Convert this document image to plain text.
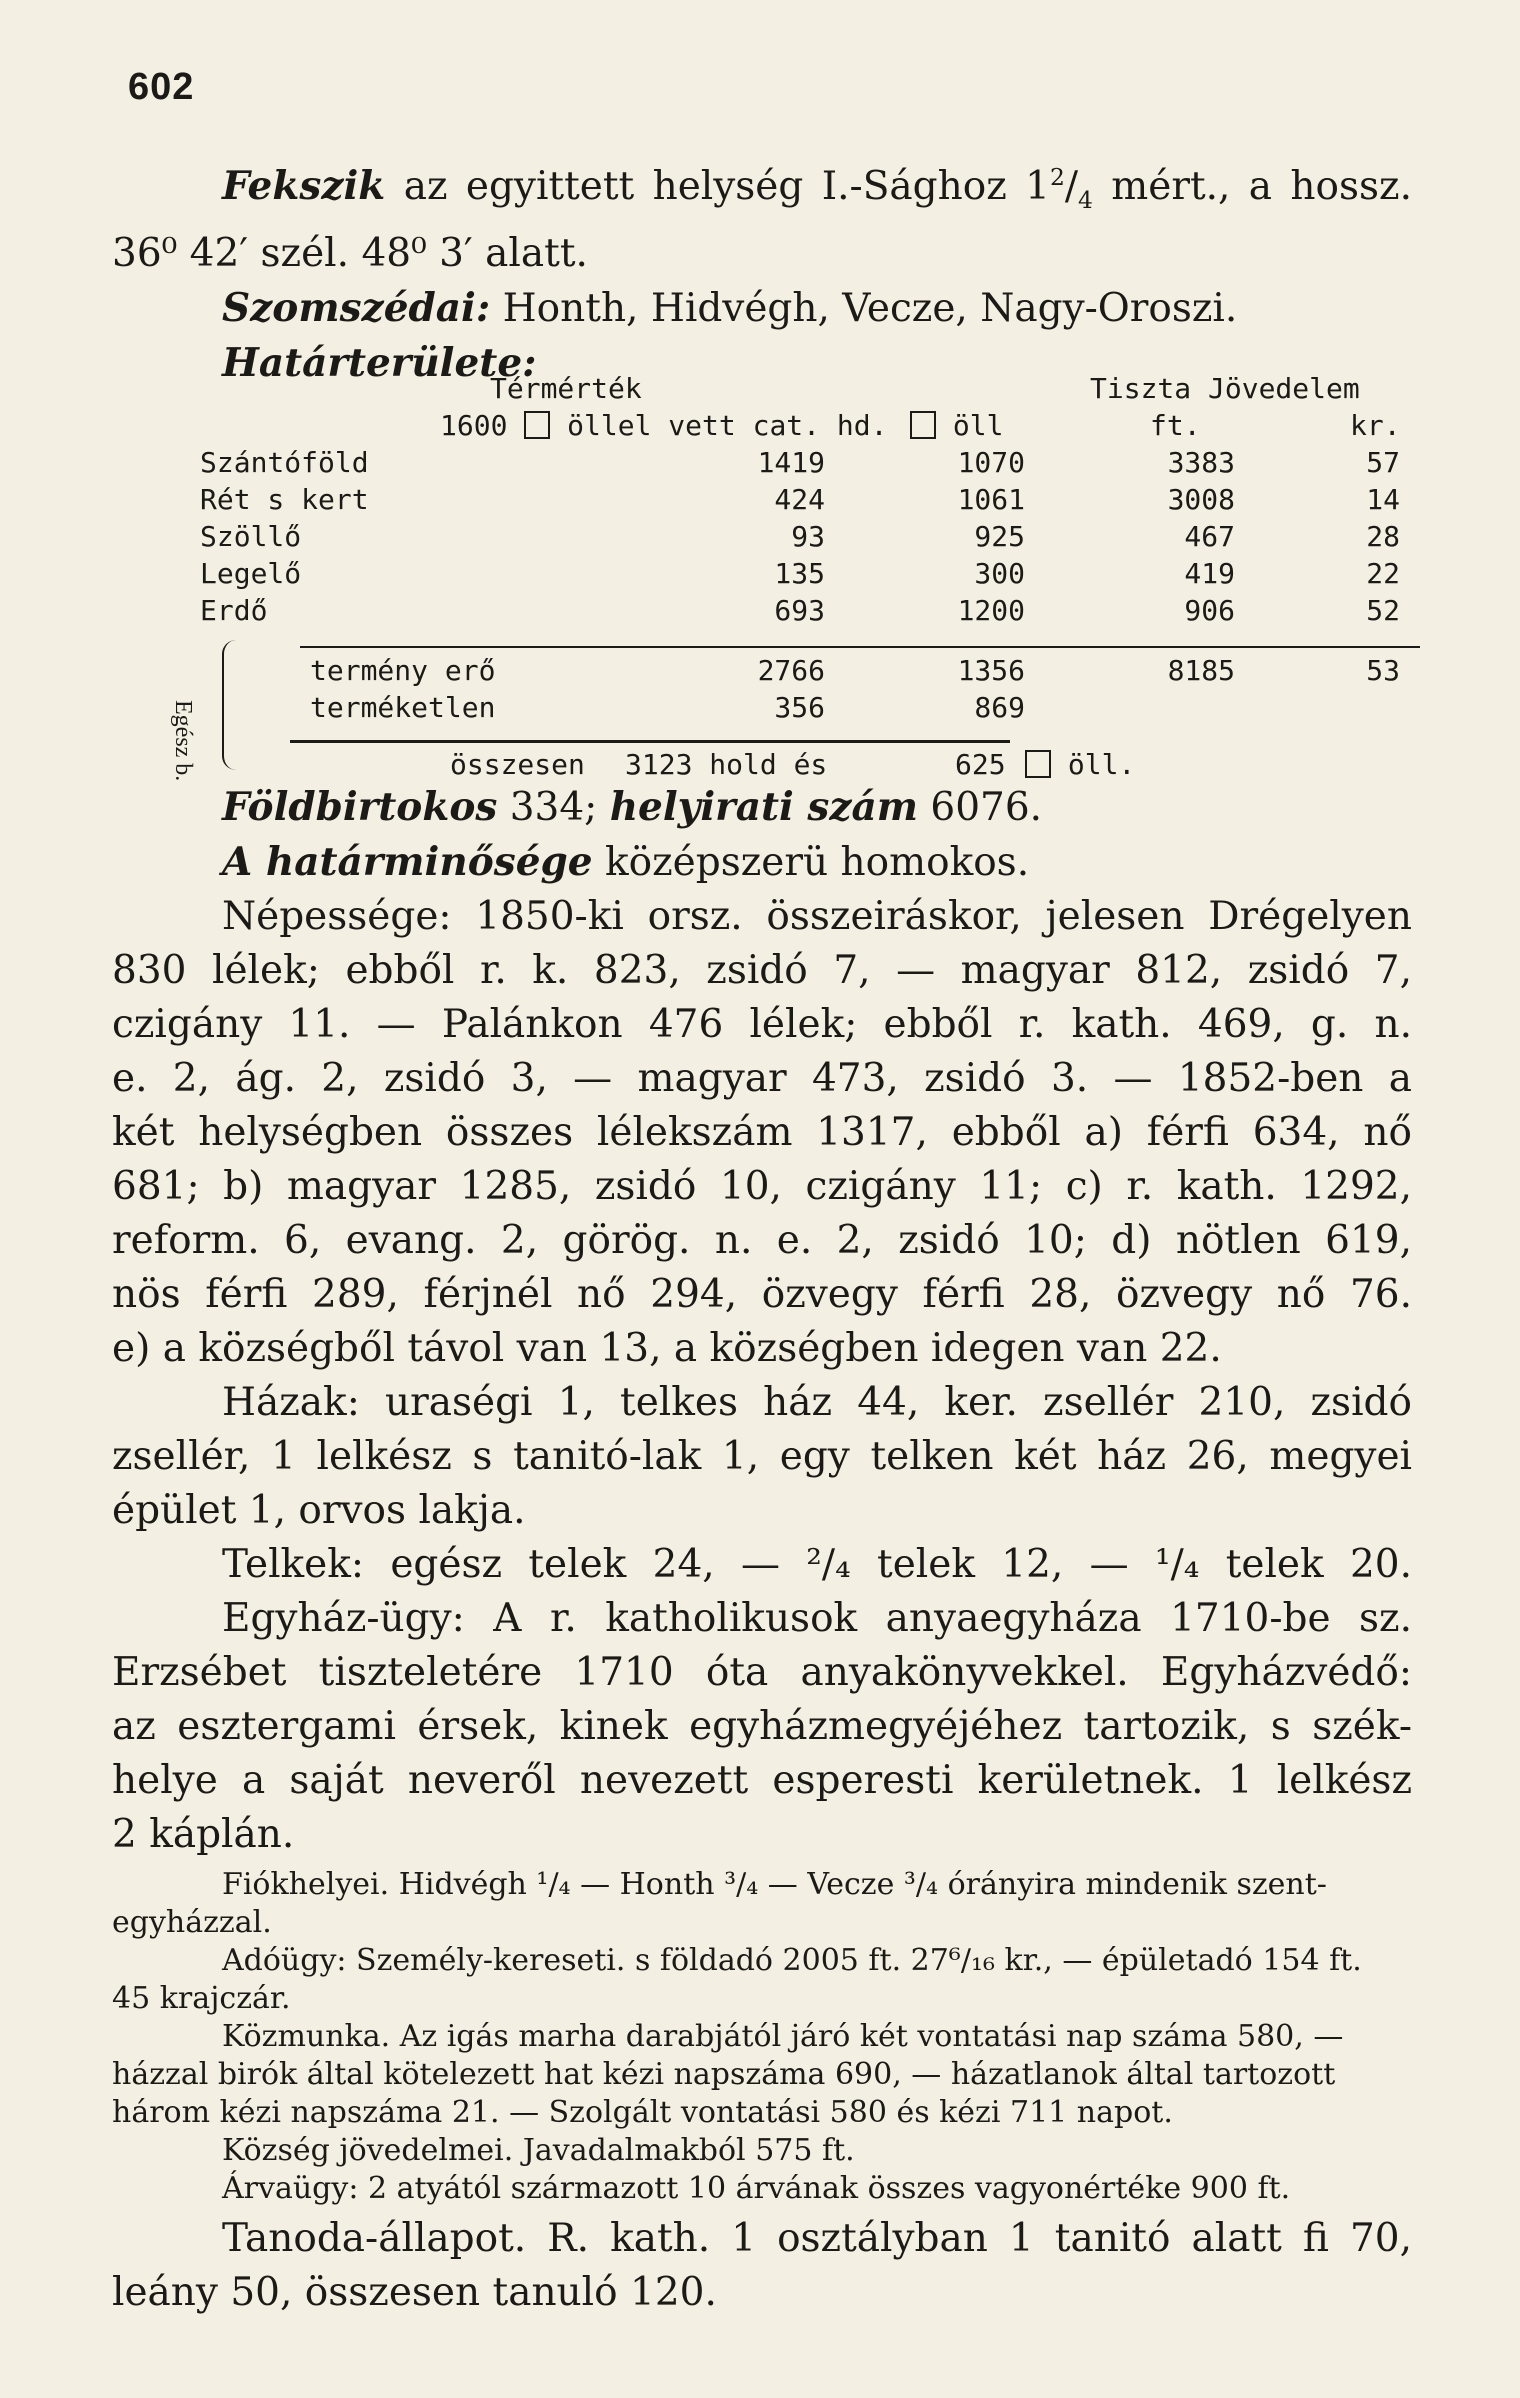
602
Fekszik az egyittett helység I.-Sághoz $1^2/_4$ mért., a hossz.
36⁰ 42′ szél. 48⁰ 3′ alatt.
Szomszédai: Honth, Hidvégh, Vecze, Nagy-Oroszi.
Határterülete:
Térmérték	Tiszta Jövedelem
1600 öllel vett cat. hd.	öll	ft.	kr.
Szántóföld	1419	1070	3383	57
Rét s kert	424	1061	3008	14
Szöllő	93	925	467	28
Legelő	135	300	419	22
Erdő	693	1200	906	52
Egész b.
termény erő	2766	1356	8185	53
terméketlen	356	869
összesen 3123 hold és	625	öll.
Földbirtokos 334; helyirati szám 6076.
A határminősége középszerü homokos.
Népessége: 1850-ki orsz. összeiráskor, jelesen Drégelyen
830 lélek; ebből r. k. 823, zsidó 7, — magyar 812, zsidó 7,
czigány 11. — Palánkon 476 lélek; ebből r. kath. 469, g. n.
e. 2, ág. 2, zsidó 3, — magyar 473, zsidó 3. — 1852-ben a
két helységben összes lélekszám 1317, ebből a) férfi 634, nő
681; b) magyar 1285, zsidó 10, czigány 11; c) r. kath. 1292,
reform. 6, evang. 2, görög. n. e. 2, zsidó 10; d) nötlen 619,
nös férfi 289, férjnél nő 294, özvegy férfi 28, özvegy nő 76.
e) a községből távol van 13, a községben idegen van 22.
Házak: uraségi 1, telkes ház 44, ker. zsellér 210, zsidó
zsellér, 1 lelkész s tanitó-lak 1, egy telken két ház 26, megyei
épület 1, orvos lakja.
Telkek: egész telek 24, — ²/₄ telek 12, — ¹/₄ telek 20.
Egyház-ügy: A r. katholikusok anyaegyháza 1710-be sz.
Erzsébet tiszteletére 1710 óta anyakönyvekkel. Egyházvédő:
az esztergami érsek, kinek egyházmegyéjéhez tartozik, s szék-
helye a saját neveről nevezett esperesti kerületnek. 1 lelkész
2 káplán.
Fiókhelyei. Hidvégh ¹/₄ — Honth ³/₄ — Vecze ³/₄ órányira mindenik szent-
egyházzal.
Adóügy: Személy-kereseti. s földadó 2005 ft. 27⁶/₁₆ kr., — épületadó 154 ft.
45 krajczár.
Közmunka. Az igás marha darabjától járó két vontatási nap száma 580, —
házzal birók által kötelezett hat kézi napszáma 690, — házatlanok által tartozott
három kézi napszáma 21. — Szolgált vontatási 580 és kézi 711 napot.
Község jövedelmei. Javadalmakból 575 ft.
Árvaügy: 2 atyától származott 10 árvának összes vagyonértéke 900 ft.
Tanoda-állapot. R. kath. 1 osztályban 1 tanitó alatt fi 70,
leány 50, összesen tanuló 120.
